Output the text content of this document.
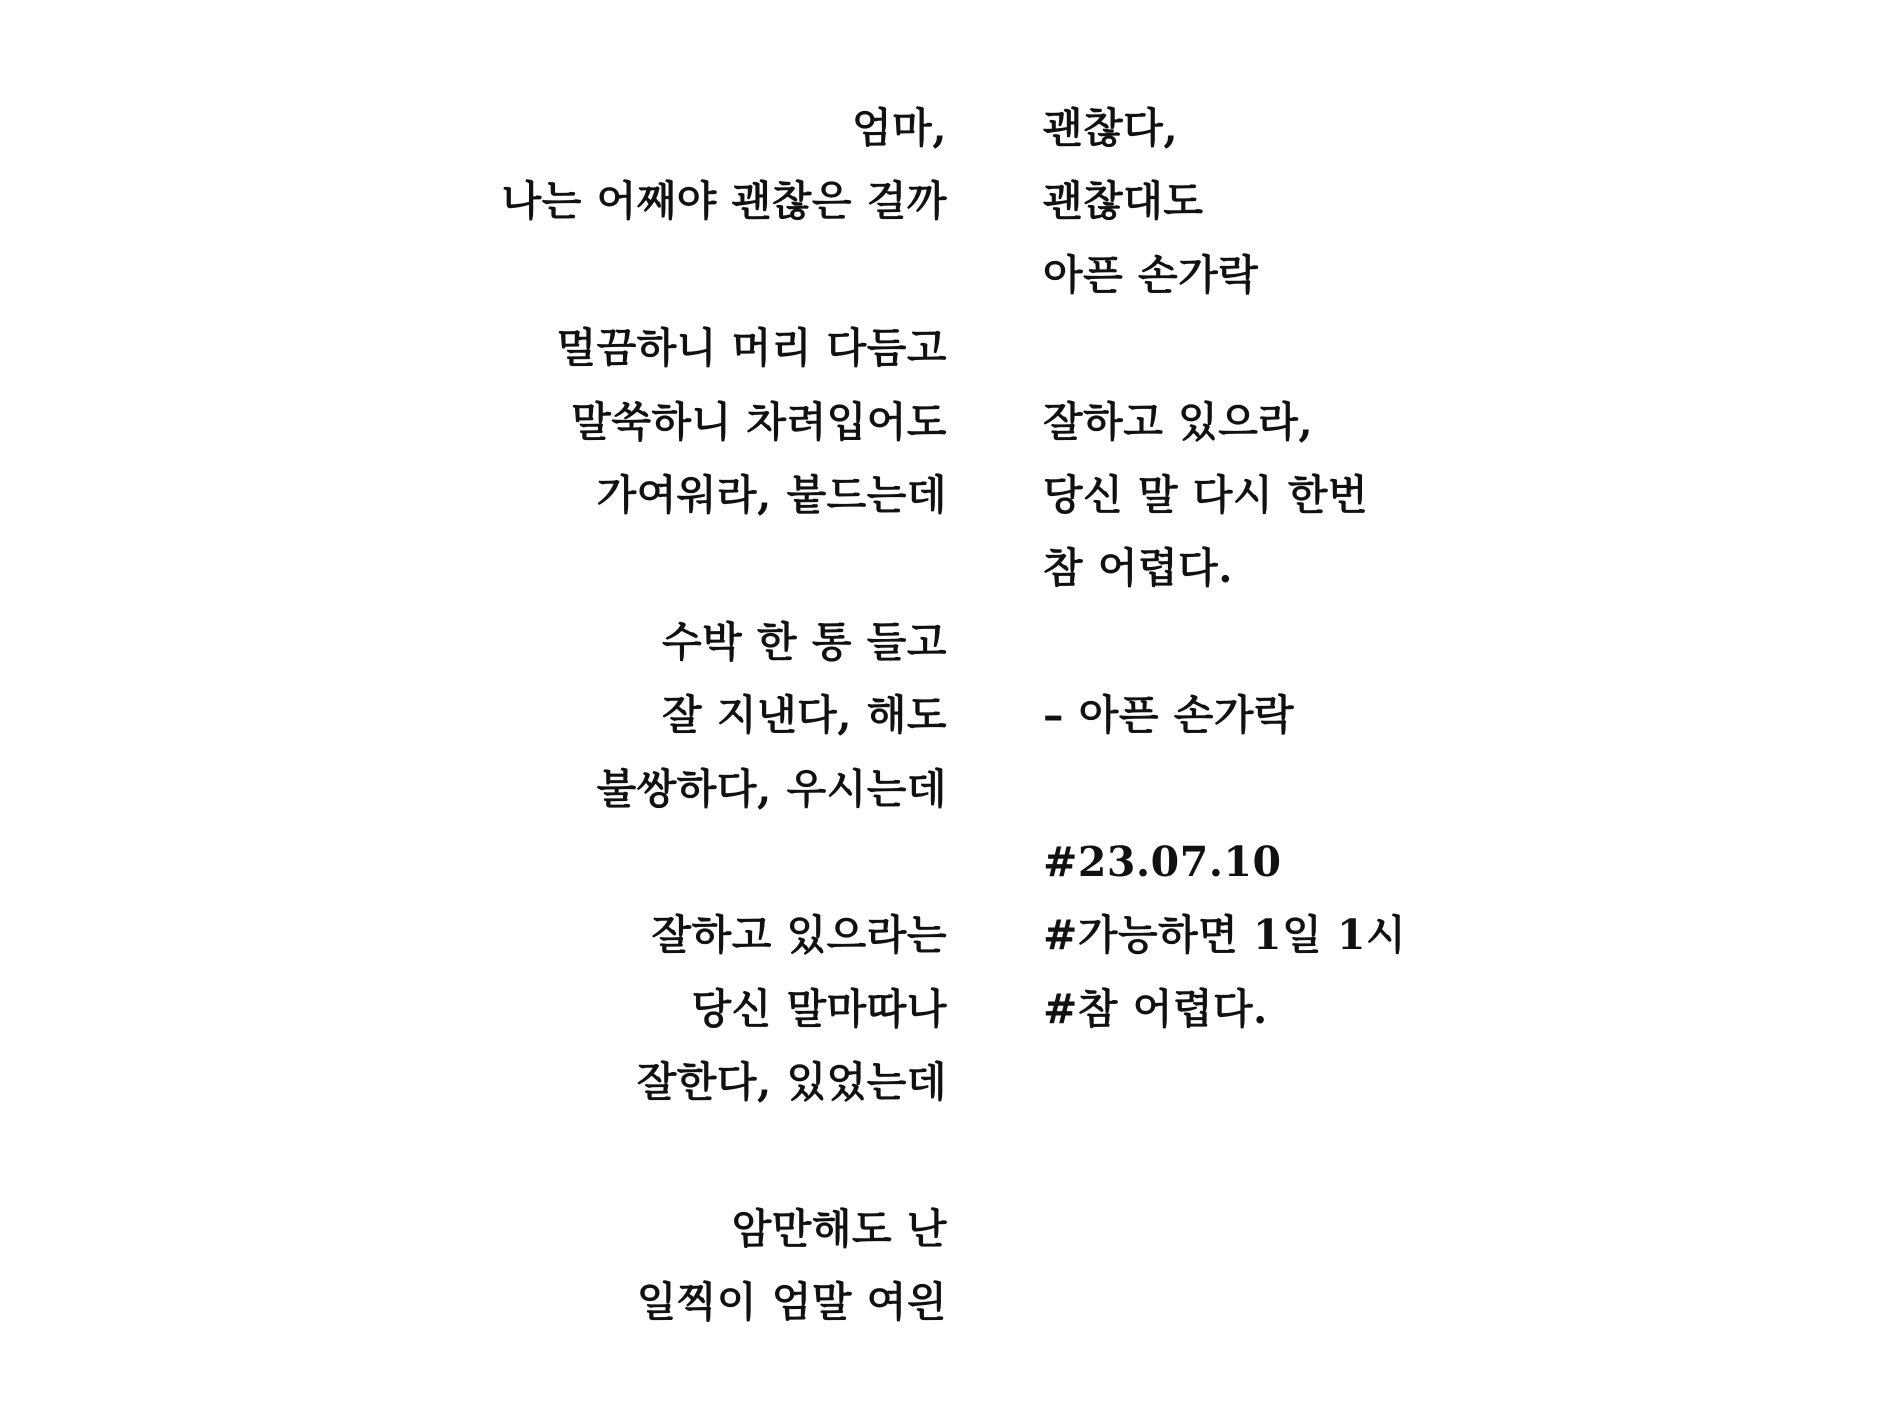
엄마,
나는 어째야 괜찮은 걸까
멀끔하니 머리 다듬고
말쑥하니 차려입어도
가여워라, 붙드는데
수박 한 통 들고
잘 지낸다, 해도
불쌍하다, 우시는데
잘하고 있으라는
당신 말마따나
잘한다, 있었는데
암만해도 난
일찍이 엄말 여읜
괜찮다,
괜찮대도
아픈 손가락
잘하고 있으라,
당신 말 다시 한번
참 어렵다.
– 아픈 손가락
#23.07.10
#가능하면 1일 1시
#참 어렵다.
